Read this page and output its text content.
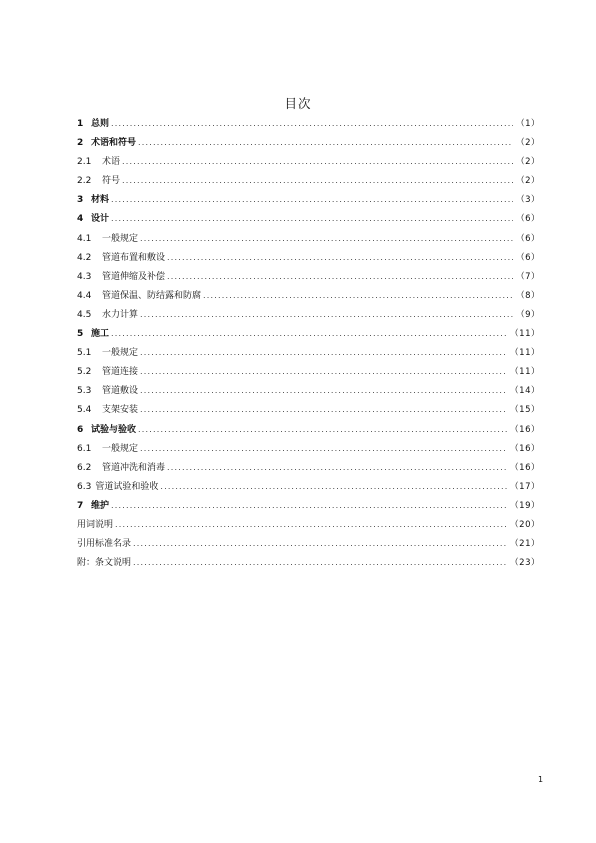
目次
1 总则 .....	（1）
2 术语和符号 .....	（2）
2.1	术语 .....	（2）
2.2	符号 .....	（2）
3 材料 .....	（3）
4 设计 .....	（6）
4.1	一般规定 .....	（6）
4.2	管道布置和敷设 .....	（6）
4.3	管道伸缩及补偿 .....	（7）
4.4	管道保温、防结露和防腐 .....	（8）
4.5	水力计算 .....	（9）
5 施工 .....	（11）
5.1	一般规定 .....	（11）
5.2	管道连接 .....	（11）
5.3	管道敷设 .....	（14）
5.4	支架安装 .....	（15）
6 试验与验收 .....	（16）
6.1	一般规定 .....	（16）
6.2	管道冲洗和消毒 .....	（16）
6.3 管道试验和验收 .....	（17）
7 维护 .....	（19）
用词说明 .....	（20）
引用标准名录 .....	（21）
附：条文说明 .....	（23）
1
